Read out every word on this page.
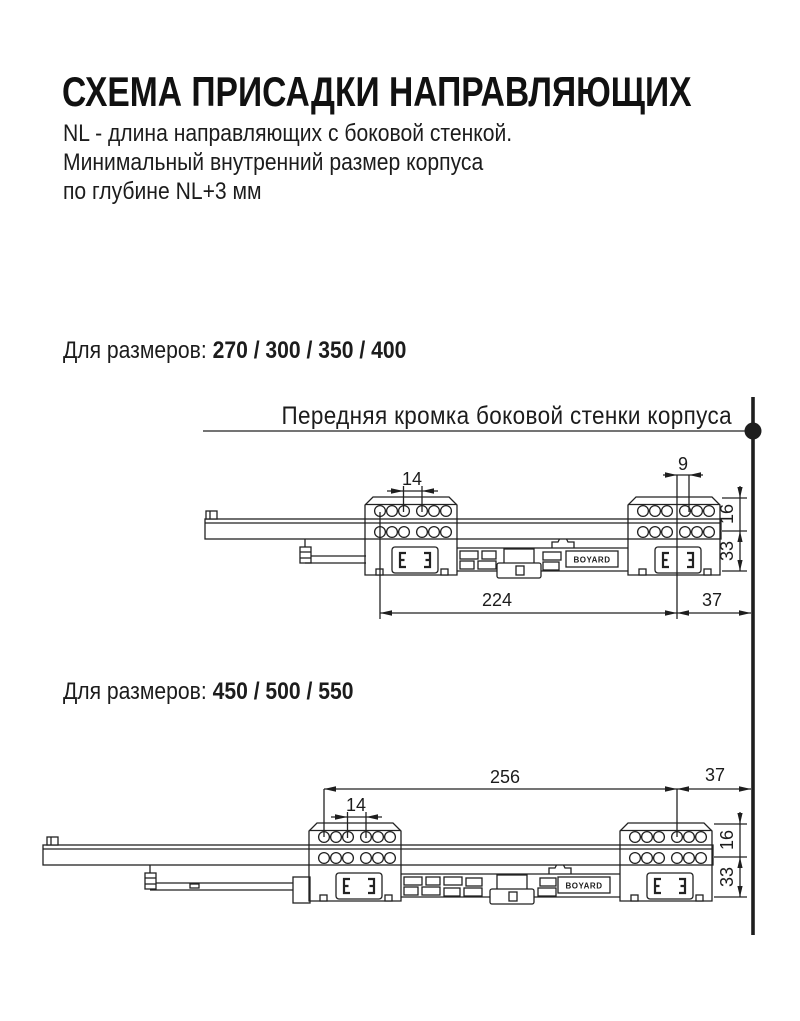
СХЕМА ПРИСАДКИ НАПРАВЛЯЮЩИХ
NL - длина направляющих с боковой стенкой.
Минимальный внутренний размер корпуса
по глубине NL+3 мм
Для размеров: 270 / 300 / 350 / 400
Передняя кромка боковой стенки корпуса
Для размеров: 450 / 500 / 550
BOYARD
14
9
16
33
224	37
BOYARD
256	37
14
16
33
